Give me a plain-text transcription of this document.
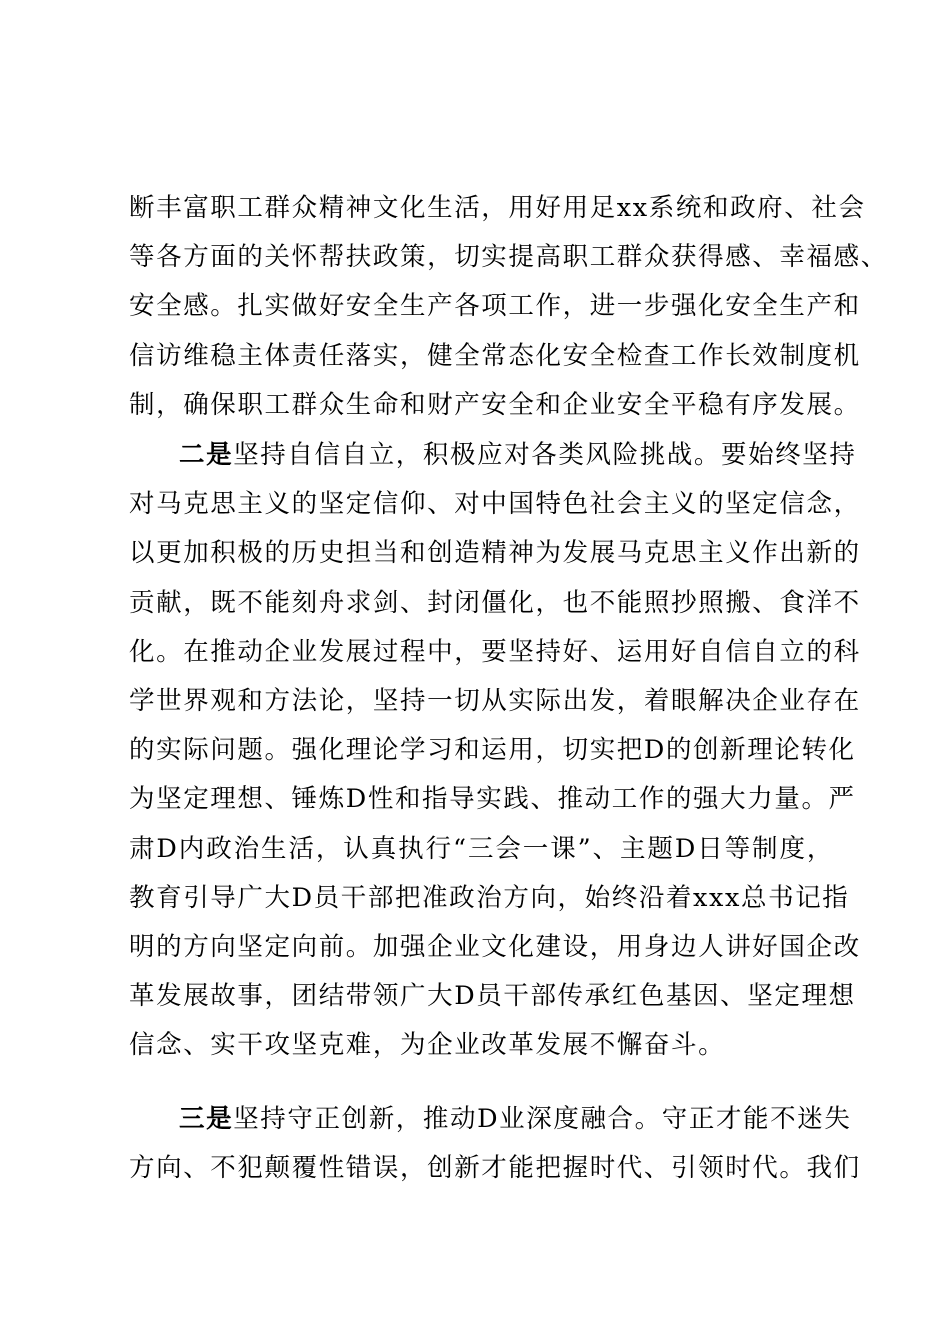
断丰富职工群众精神文化生活，用好用足xx系统和政府、社会
等各方面的关怀帮扶政策，切实提高职工群众获得感、幸福感、
安全感。扎实做好安全生产各项工作，进一步强化安全生产和
信访维稳主体责任落实，健全常态化安全检查工作长效制度机
制，确保职工群众生命和财产安全和企业安全平稳有序发展。
二是坚持自信自立，积极应对各类风险挑战。要始终坚持
对马克思主义的坚定信仰、对中国特色社会主义的坚定信念，
以更加积极的历史担当和创造精神为发展马克思主义作出新的
贡献，既不能刻舟求剑、封闭僵化，也不能照抄照搬、食洋不
化。在推动企业发展过程中，要坚持好、运用好自信自立的科
学世界观和方法论，坚持一切从实际出发，着眼解决企业存在
的实际问题。强化理论学习和运用，切实把D的创新理论转化
为坚定理想、锤炼D性和指导实践、推动工作的强大力量。严
肃D内政治生活，认真执行“三会一课”、主题D日等制度，
教育引导广大D员干部把准政治方向，始终沿着xxx总书记指
明的方向坚定向前。加强企业文化建设，用身边人讲好国企改
革发展故事，团结带领广大D员干部传承红色基因、坚定理想
信念、实干攻坚克难，为企业改革发展不懈奋斗。
三是坚持守正创新，推动D业深度融合。守正才能不迷失
方向、不犯颠覆性错误，创新才能把握时代、引领时代。我们
